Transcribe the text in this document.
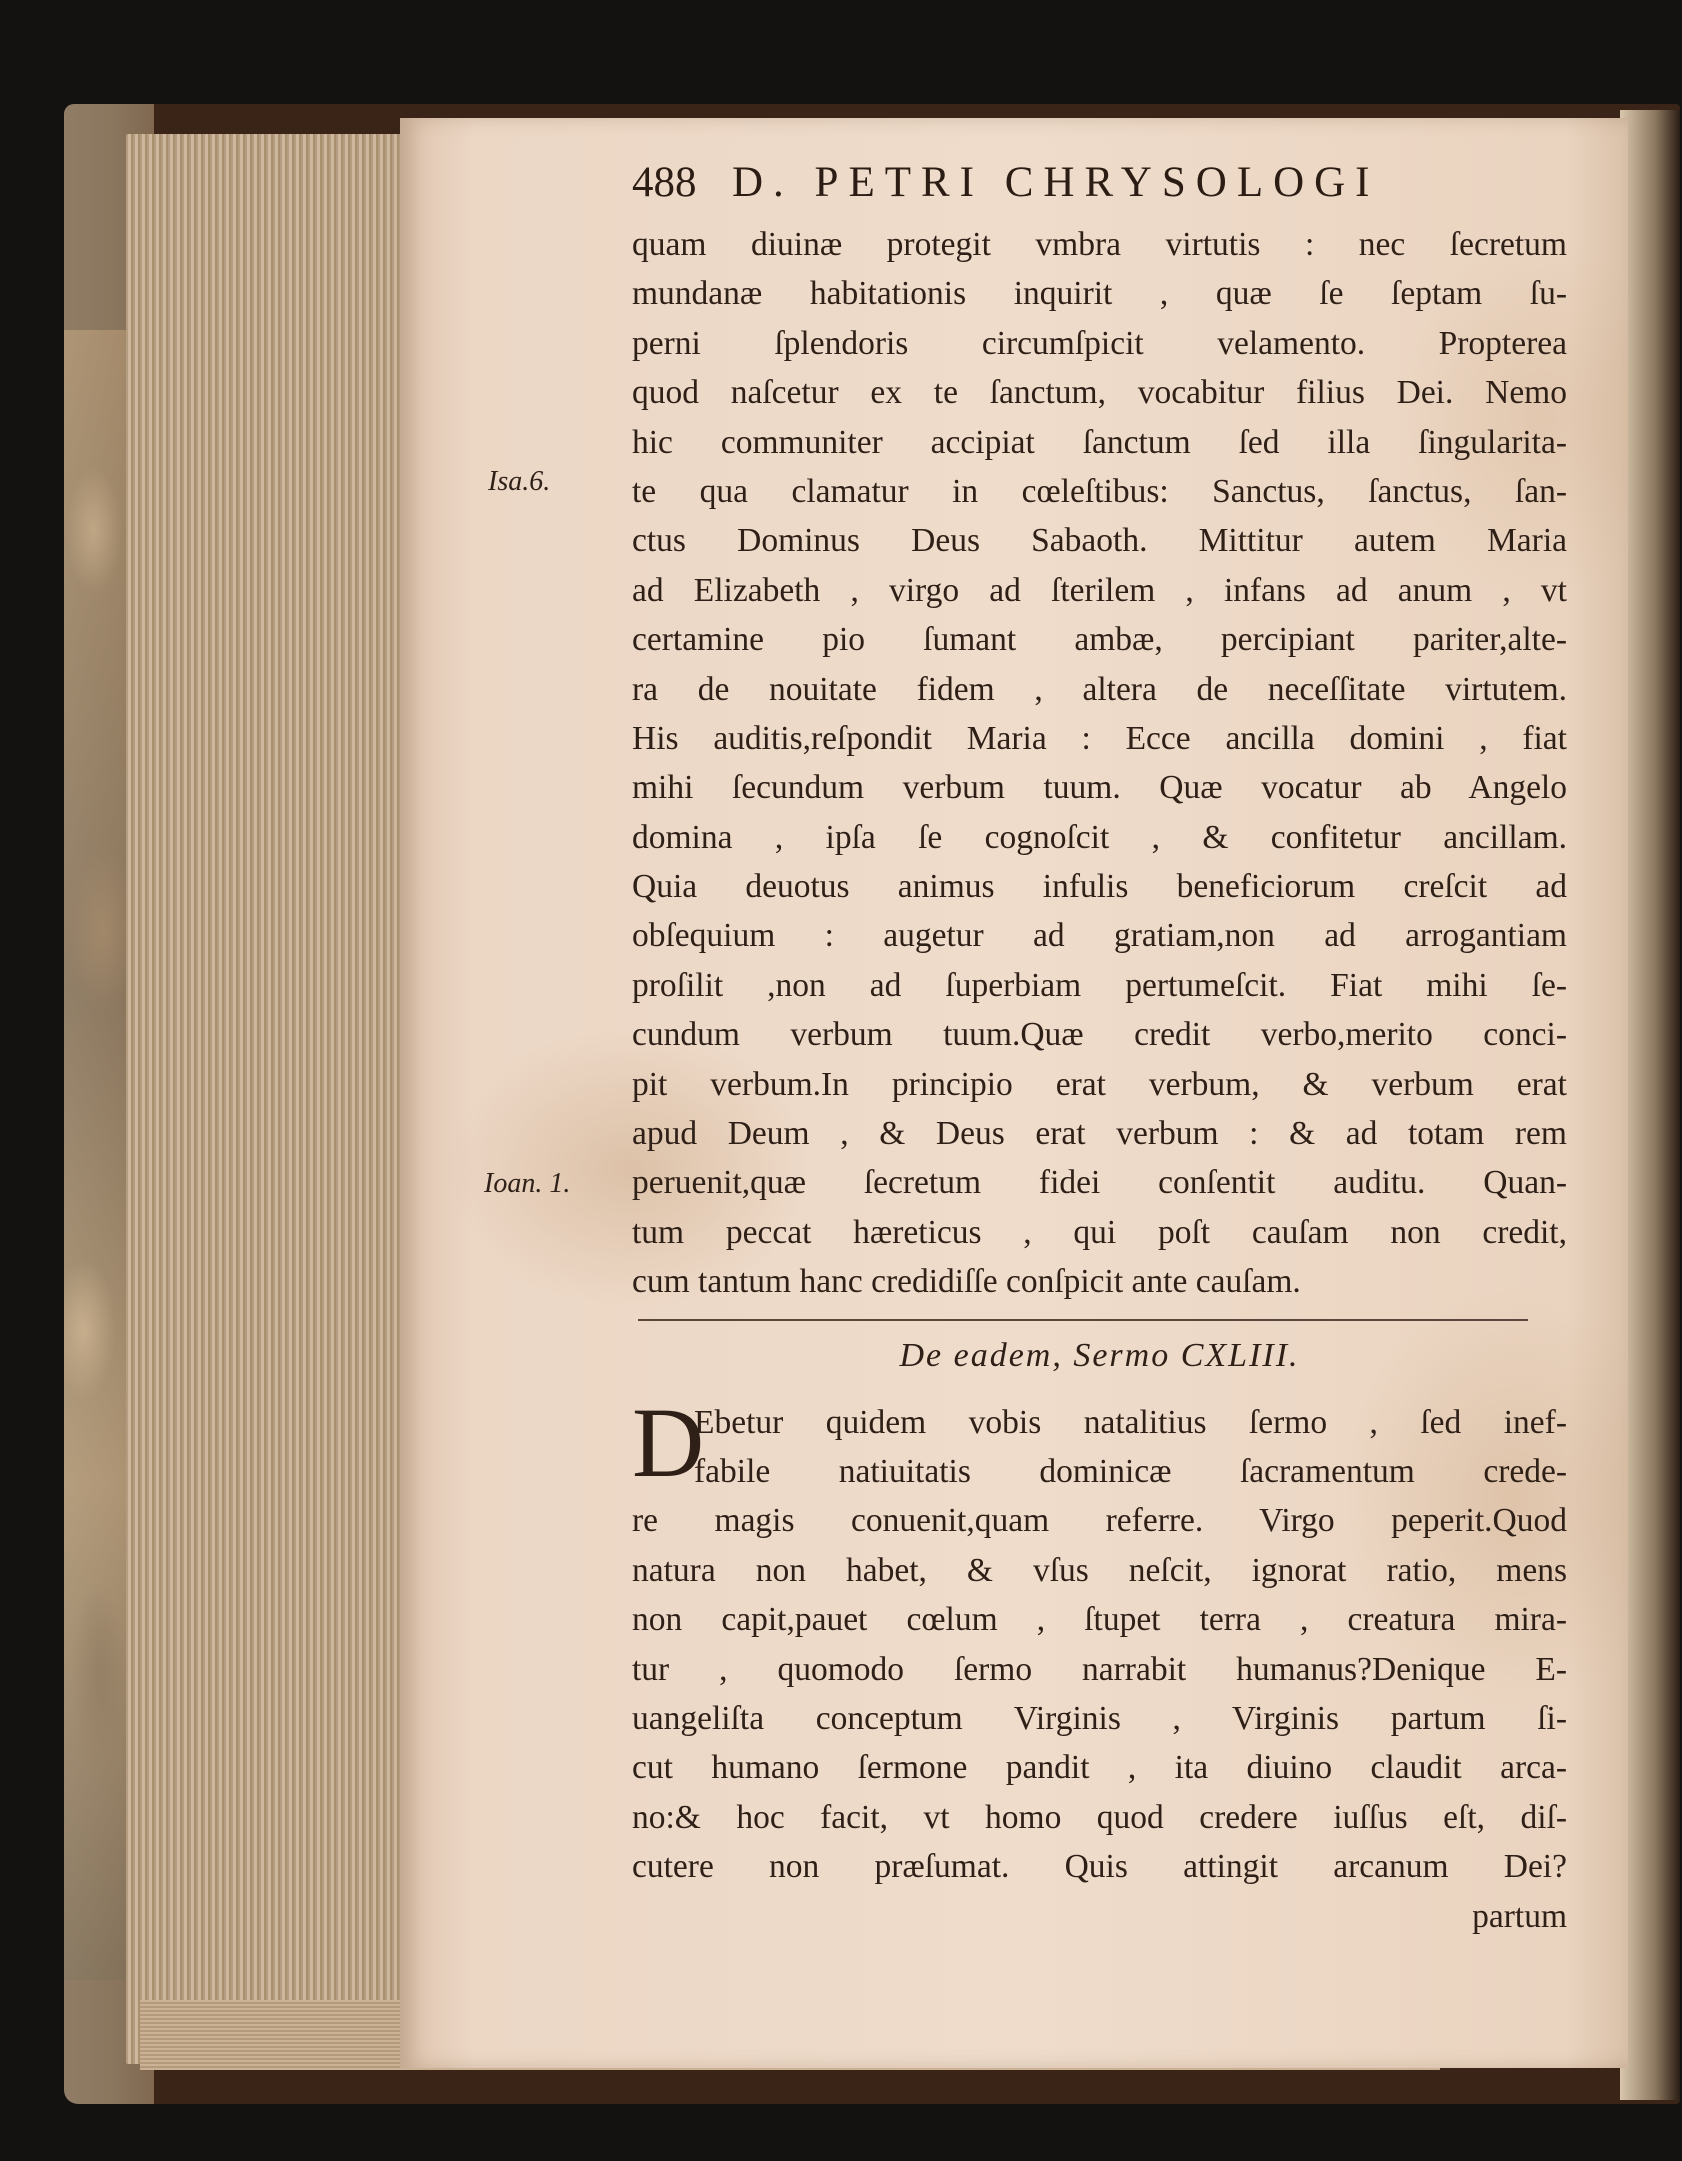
Isa.6.
Ioan. 1.
488 D. PETRI CHRYSOLOGI
quam diuinæ protegit vmbra virtutis : nec ſecretum
mundanæ habitationis inquirit , quæ ſe ſeptam ſu-
perni ſplendoris circumſpicit velamento. Propterea
quod naſcetur ex te ſanctum, vocabitur filius Dei. Nemo
hic communiter accipiat ſanctum ſed illa ſingularita-
te qua clamatur in cœleſtibus: Sanctus, ſanctus, ſan-
ctus Dominus Deus Sabaoth. Mittitur autem Maria
ad Elizabeth , virgo ad ſterilem , infans ad anum , vt
certamine pio ſumant ambæ, percipiant pariter,alte-
ra de nouitate fidem , altera de neceſſitate virtutem.
His auditis,reſpondit Maria : Ecce ancilla domini , fiat
mihi ſecundum verbum tuum. Quæ vocatur ab Angelo
domina , ipſa ſe cognoſcit , & confitetur ancillam.
Quia deuotus animus infulis beneficiorum creſcit ad
obſequium : augetur ad gratiam,non ad arrogantiam
proſilit ,non ad ſuperbiam pertumeſcit. Fiat mihi ſe-
cundum verbum tuum.Quæ credit verbo,merito conci-
pit verbum.In principio erat verbum, & verbum erat
apud Deum , & Deus erat verbum : & ad totam rem
peruenit,quæ ſecretum fidei conſentit auditu. Quan-
tum peccat hæreticus , qui poſt cauſam non credit,
cum tantum hanc credidiſſe conſpicit ante cauſam.
De eadem, Sermo CXLIII.
D
Ebetur quidem vobis natalitius ſermo , ſed inef-
fabile natiuitatis dominicæ ſacramentum crede-
re magis conuenit,quam referre. Virgo peperit.Quod
natura non habet, & vſus neſcit, ignorat ratio, mens
non capit,pauet cœlum , ſtupet terra , creatura mira-
tur , quomodo ſermo narrabit humanus?Denique E-
uangeliſta conceptum Virginis , Virginis partum ſi-
cut humano ſermone pandit , ita diuino claudit arca-
no:& hoc facit, vt homo quod credere iuſſus eſt, diſ-
cutere non præſumat. Quis attingit arcanum Dei?
partum
